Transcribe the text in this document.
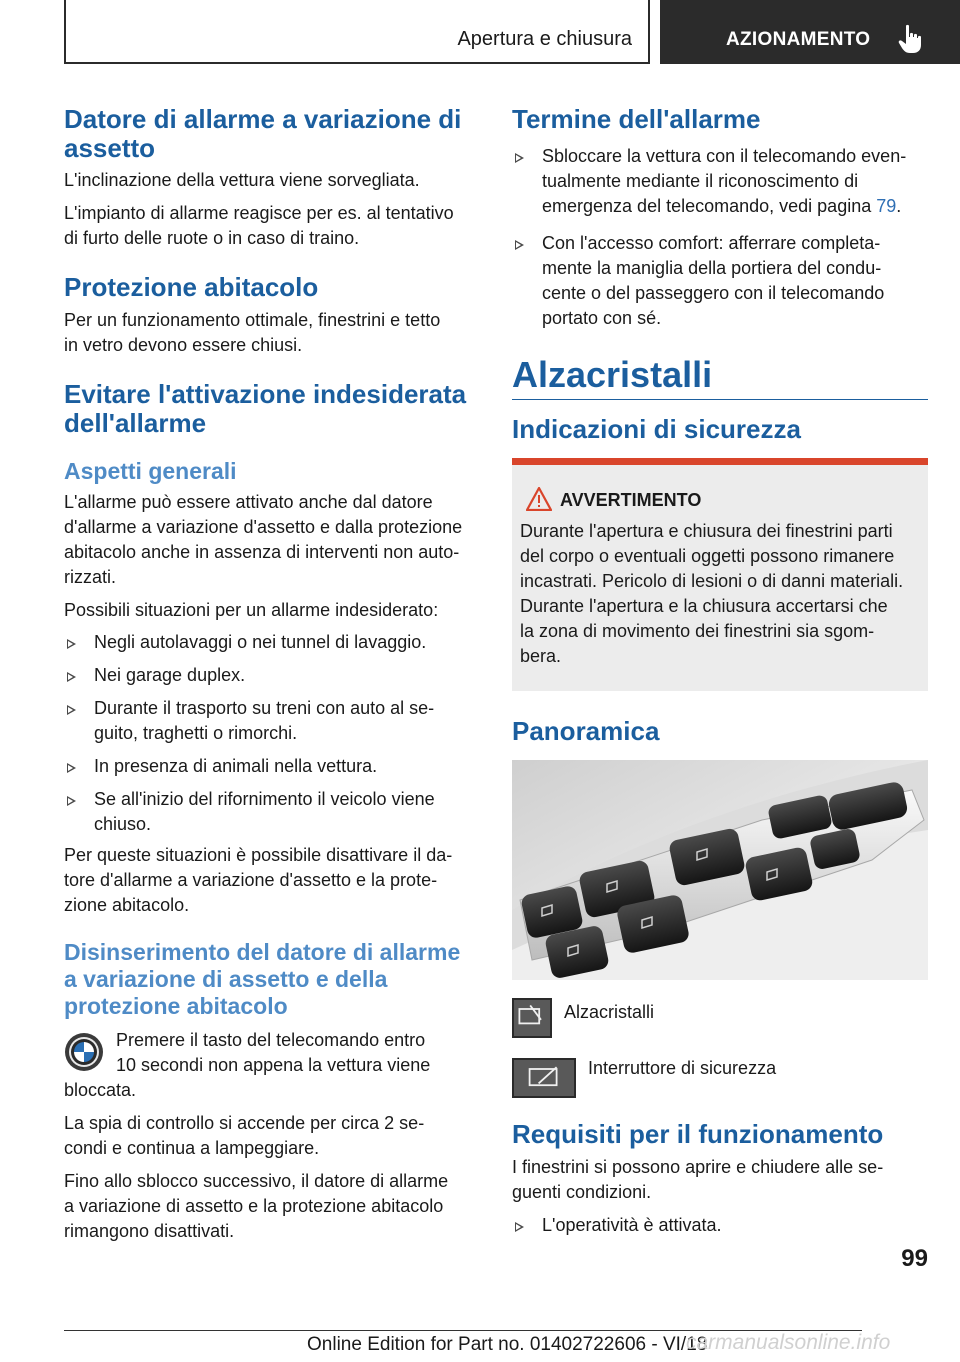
Apertura e chiusura	AZIONAMENTO
Datore di allarme a variazione di assetto
L'inclinazione della vettura viene sorvegliata.
L'impianto di allarme reagisce per es. al tentativo
di furto delle ruote o in caso di traino.
Protezione abitacolo
Per un funzionamento ottimale, finestrini e tetto
in vetro devono essere chiusi.
Evitare l'attivazione indesiderata
dell'allarme
Aspetti generali
L'allarme può essere attivato anche dal datore
d'allarme a variazione d'assetto e dalla protezione
abitacolo anche in assenza di interventi non auto-
rizzati.
Possibili situazioni per un allarme indesiderato:
Negli autolavaggi o nei tunnel di lavaggio.
Nei garage duplex.
Durante il trasporto su treni con auto al se-
guito, traghetti o rimorchi.
In presenza di animali nella vettura.
Se all'inizio del rifornimento il veicolo viene
chiuso.
Per queste situazioni è possibile disattivare il da-
tore d'allarme a variazione d'assetto e la prote-
zione abitacolo.
Disinserimento del datore di allarme
a variazione di assetto e della
protezione abitacolo
Premere il tasto del telecomando entro
10 secondi non appena la vettura viene
bloccata.
La spia di controllo si accende per circa 2 se-
condi e continua a lampeggiare.
Fino allo sblocco successivo, il datore di allarme
a variazione di assetto e la protezione abitacolo
rimangono disattivati.
Termine dell'allarme
Sbloccare la vettura con il telecomando even-
tualmente mediante il riconoscimento di
emergenza del telecomando, vedi pagina 79.
Con l'accesso comfort: afferrare completa-
mente la maniglia della portiera del condu-
cente o del passeggero con il telecomando
portato con sé.
Alzacristalli
Indicazioni di sicurezza
AVVERTIMENTO
Durante l'apertura e chiusura dei finestrini parti
del corpo o eventuali oggetti possono rimanere
incastrati. Pericolo di lesioni o di danni materiali.
Durante l'apertura e la chiusura accertarsi che
la zona di movimento dei finestrini sia sgom-
bera.
Panoramica
Alzacristalli
Interruttore di sicurezza
Requisiti per il funzionamento
I finestrini si possono aprire e chiudere alle se-
guenti condizioni.
L'operatività è attivata.
99
Online Edition for Part no. 01402722606 - VI/18
carmanualsonline.info
